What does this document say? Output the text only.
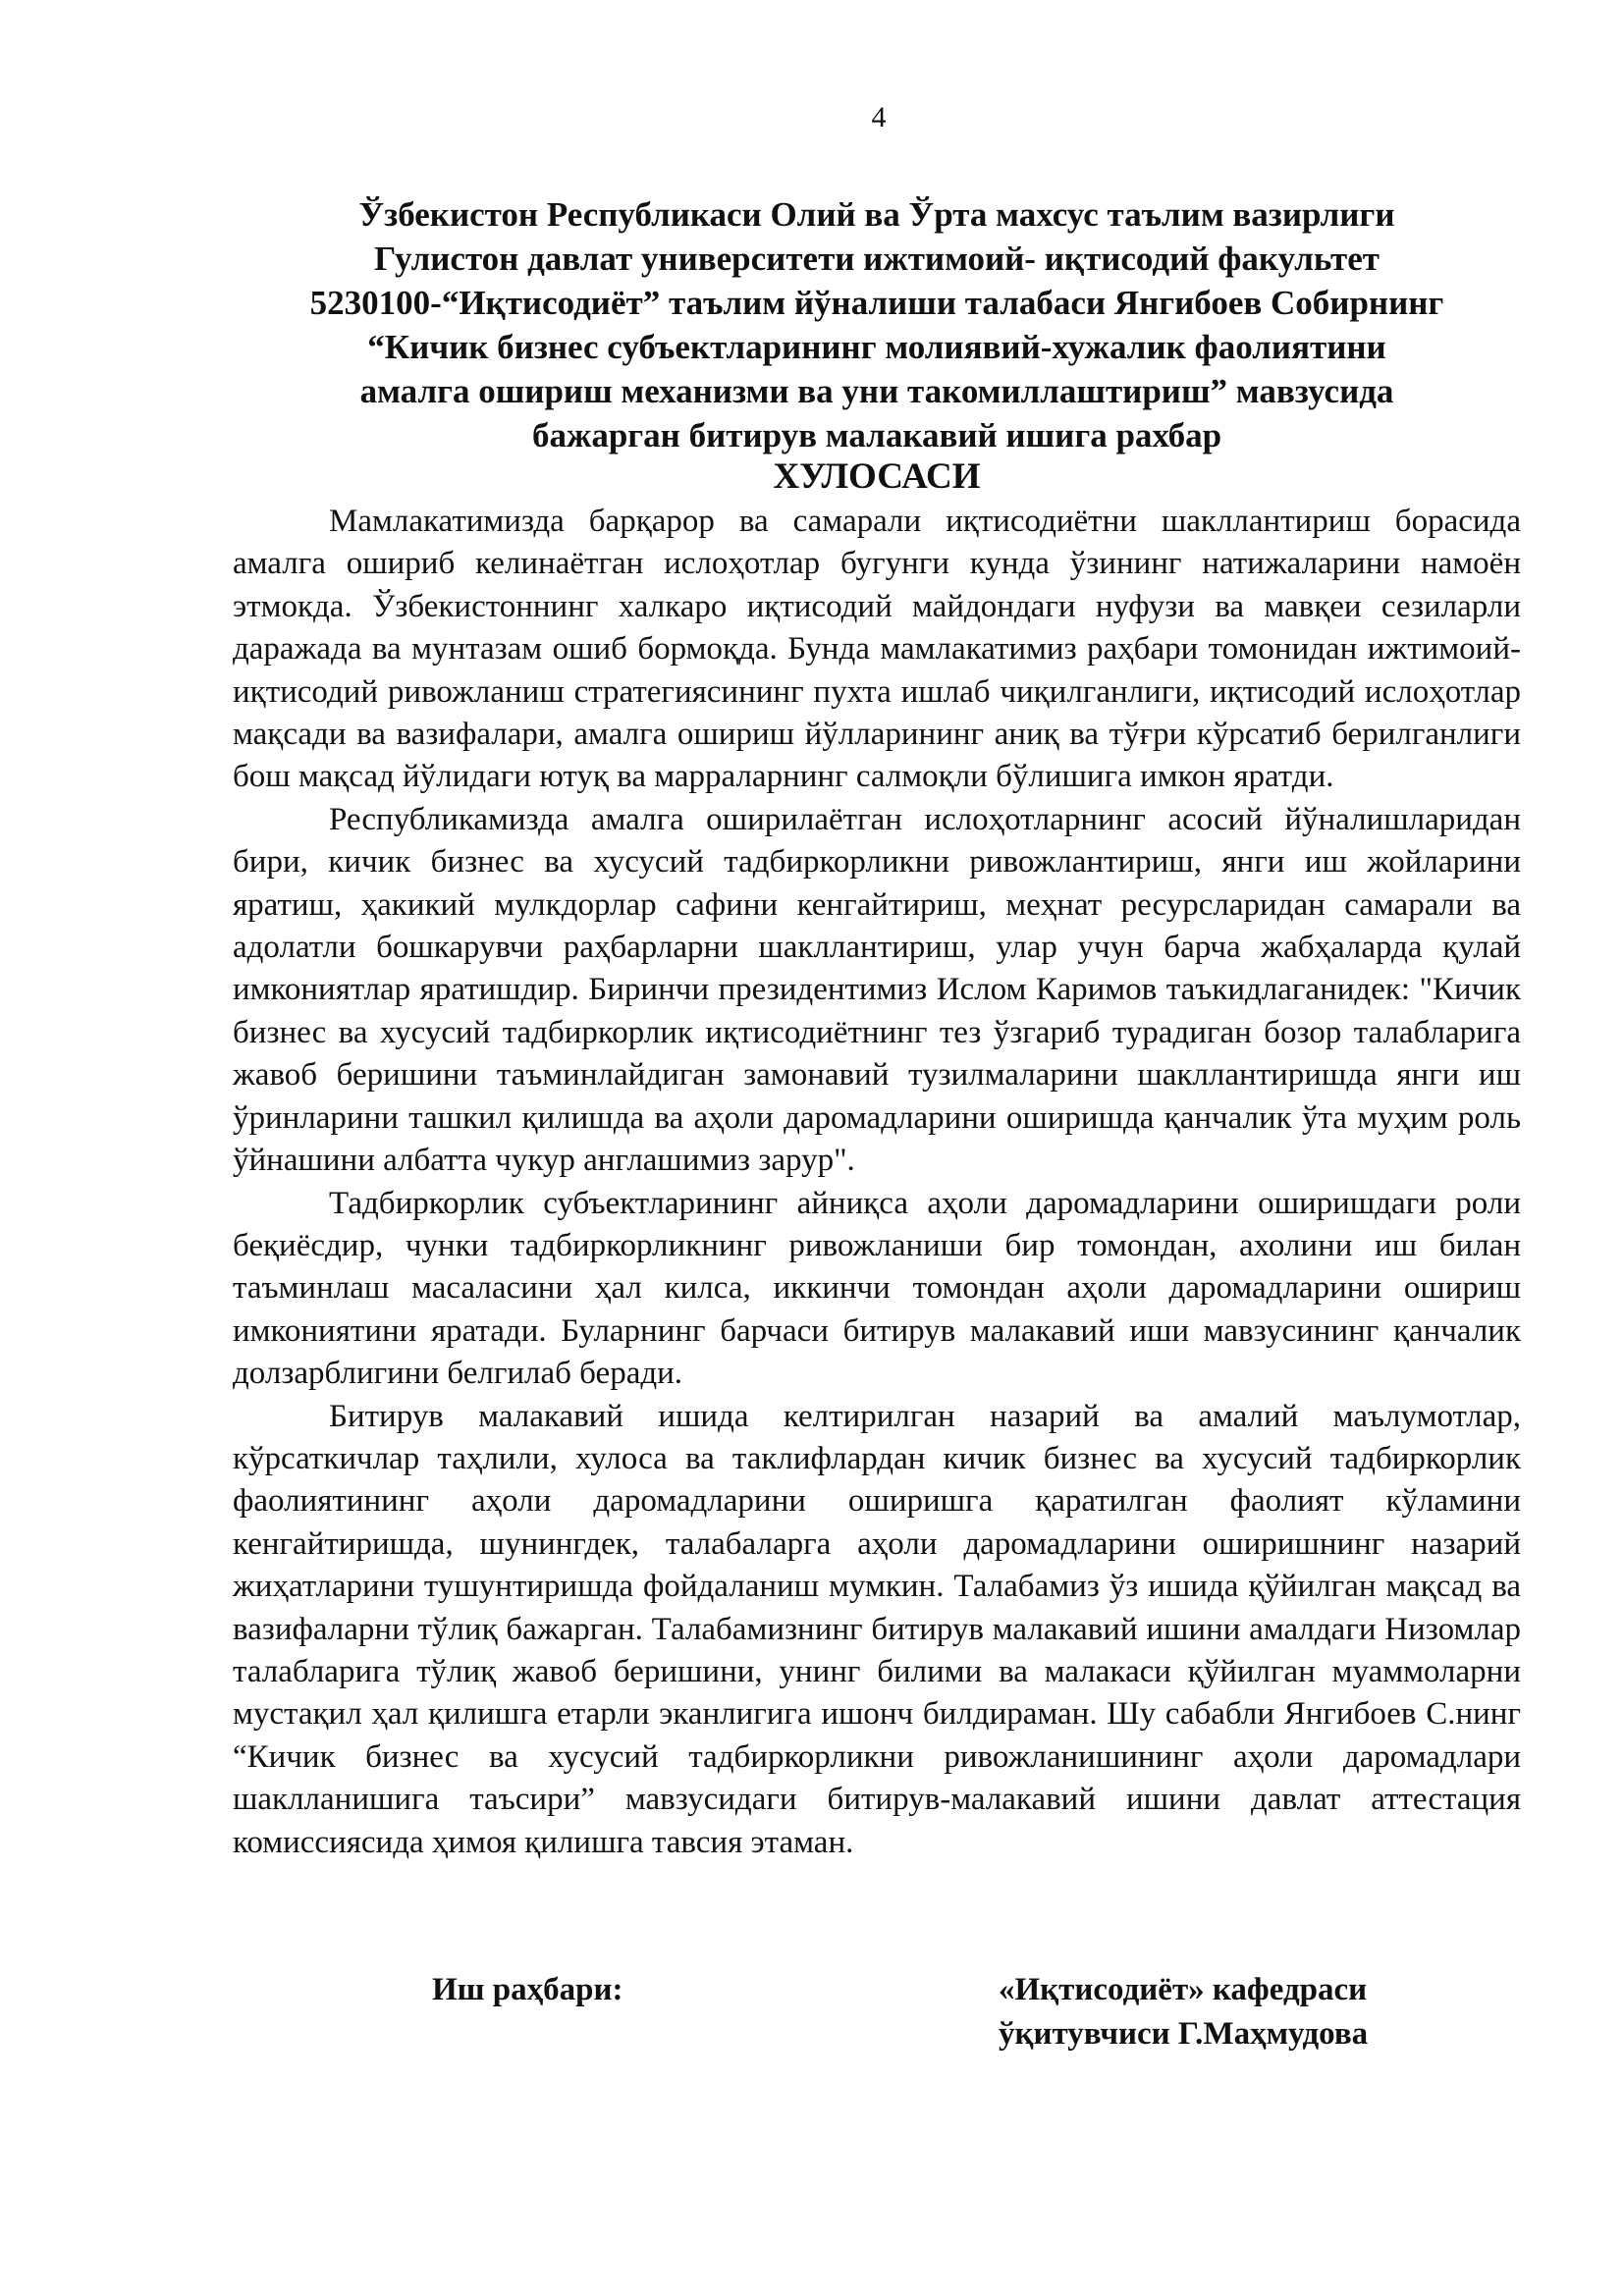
4
Ўзбекистон Республикаси Олий ва Ўрта махсус таълим вазирлиги
Гулистон давлат университети ижтимоий- иқтисодий факультет
5230100-“Иқтисодиёт” таълим йўналиши талабаси Янгибоев Собирнинг
“Кичик бизнес субъектларининг молиявий-хужалик фаолиятини
амалга ошириш механизми ва уни такомиллаштириш” мавзусида
бажарган битирув малакавий ишига рахбар
ХУЛОСАСИ

Мамлакатимизда барқарор ва самарали иқтисодиётни шакллантириш борасида амалга ошириб келинаётган ислоҳотлар бугунги кунда ўзининг натижаларини намоён этмокда. Ўзбекистоннинг халкаро иқтисодий майдондаги нуфузи ва мавқеи сезиларли даражада ва мунтазам ошиб бормоқда. Бунда мамлакатимиз раҳбари томонидан ижтимоий-иқтисодий ривожланиш стратегиясининг пухта ишлаб чиқилганлиги, иқтисодий ислоҳотлар мақсади ва вазифалари, амалга ошириш йўлларининг аниқ ва тўғри кўрсатиб берилганлиги бош мақсад йўлидаги ютуқ ва марраларнинг салмоқли бўлишига имкон яратди.

Республикамизда амалга оширилаётган ислоҳотларнинг асосий йўналишларидан бири, кичик бизнес ва хусусий тадбиркорликни ривожлантириш, янги иш жойларини яратиш, ҳакикий мулкдорлар сафини кенгайтириш, меҳнат ресурсларидан самарали ва адолатли бошкарувчи раҳбарларни шакллантириш, улар учун барча жабҳаларда қулай имкониятлар яратишдир. Биринчи президентимиз Ислом Каримов таъкидлаганидек: "Кичик бизнес ва хусусий тадбиркорлик иқтисодиётнинг тез ўзгариб турадиган бозор талабларига жавоб беришини таъминлайдиган замонавий тузилмаларини шакллантиришда янги иш ўринларини ташкил қилишда ва аҳоли даромадларини оширишда қанчалик ўта муҳим роль ўйнашини албатта чукур англашимиз зарур".

Тадбиркорлик субъектларининг айниқса аҳоли даромадларини оширишдаги роли беқиёсдир, чунки тадбиркорликнинг ривожланиши бир томондан, ахолини иш билан таъминлаш масаласини ҳал килса, иккинчи томондан аҳоли даромадларини ошириш имкониятини яратади. Буларнинг барчаси битирув малакавий иши мавзусининг қанчалик долзарблигини белгилаб беради.

Битирув малакавий ишида келтирилган назарий ва амалий маълумотлар, кўрсаткичлар таҳлили, хулоса ва таклифлардан кичик бизнес ва хусусий тадбиркорлик фаолиятининг аҳоли даромадларини оширишга қаратилган фаолият кўламини кенгайтиришда, шунингдек, талабаларга аҳоли даромадларини оширишнинг назарий жиҳатларини тушунтиришда фойдаланиш мумкин. Талабамиз ўз ишида қўйилган мақсад ва вазифаларни тўлиқ бажарган. Талабамизнинг битирув малакавий ишини амалдаги Низомлар талабларига тўлиқ жавоб беришини, унинг билими ва малакаси қўйилган муаммоларни мустақил ҳал қилишга етарли эканлигига ишонч билдираман. Шу сабабли Янгибоев С.нинг “Кичик бизнес ва хусусий тадбиркорликни ривожланишининг аҳоли даромадлари шаклланишига таъсири” мавзусидаги битирув-малакавий ишини давлат аттестация комиссиясида ҳимоя қилишга тавсия этаман.

Иш раҳбари:	«Иқтисодиёт» кафедраси
ўқитувчиси Г.Маҳмудова
